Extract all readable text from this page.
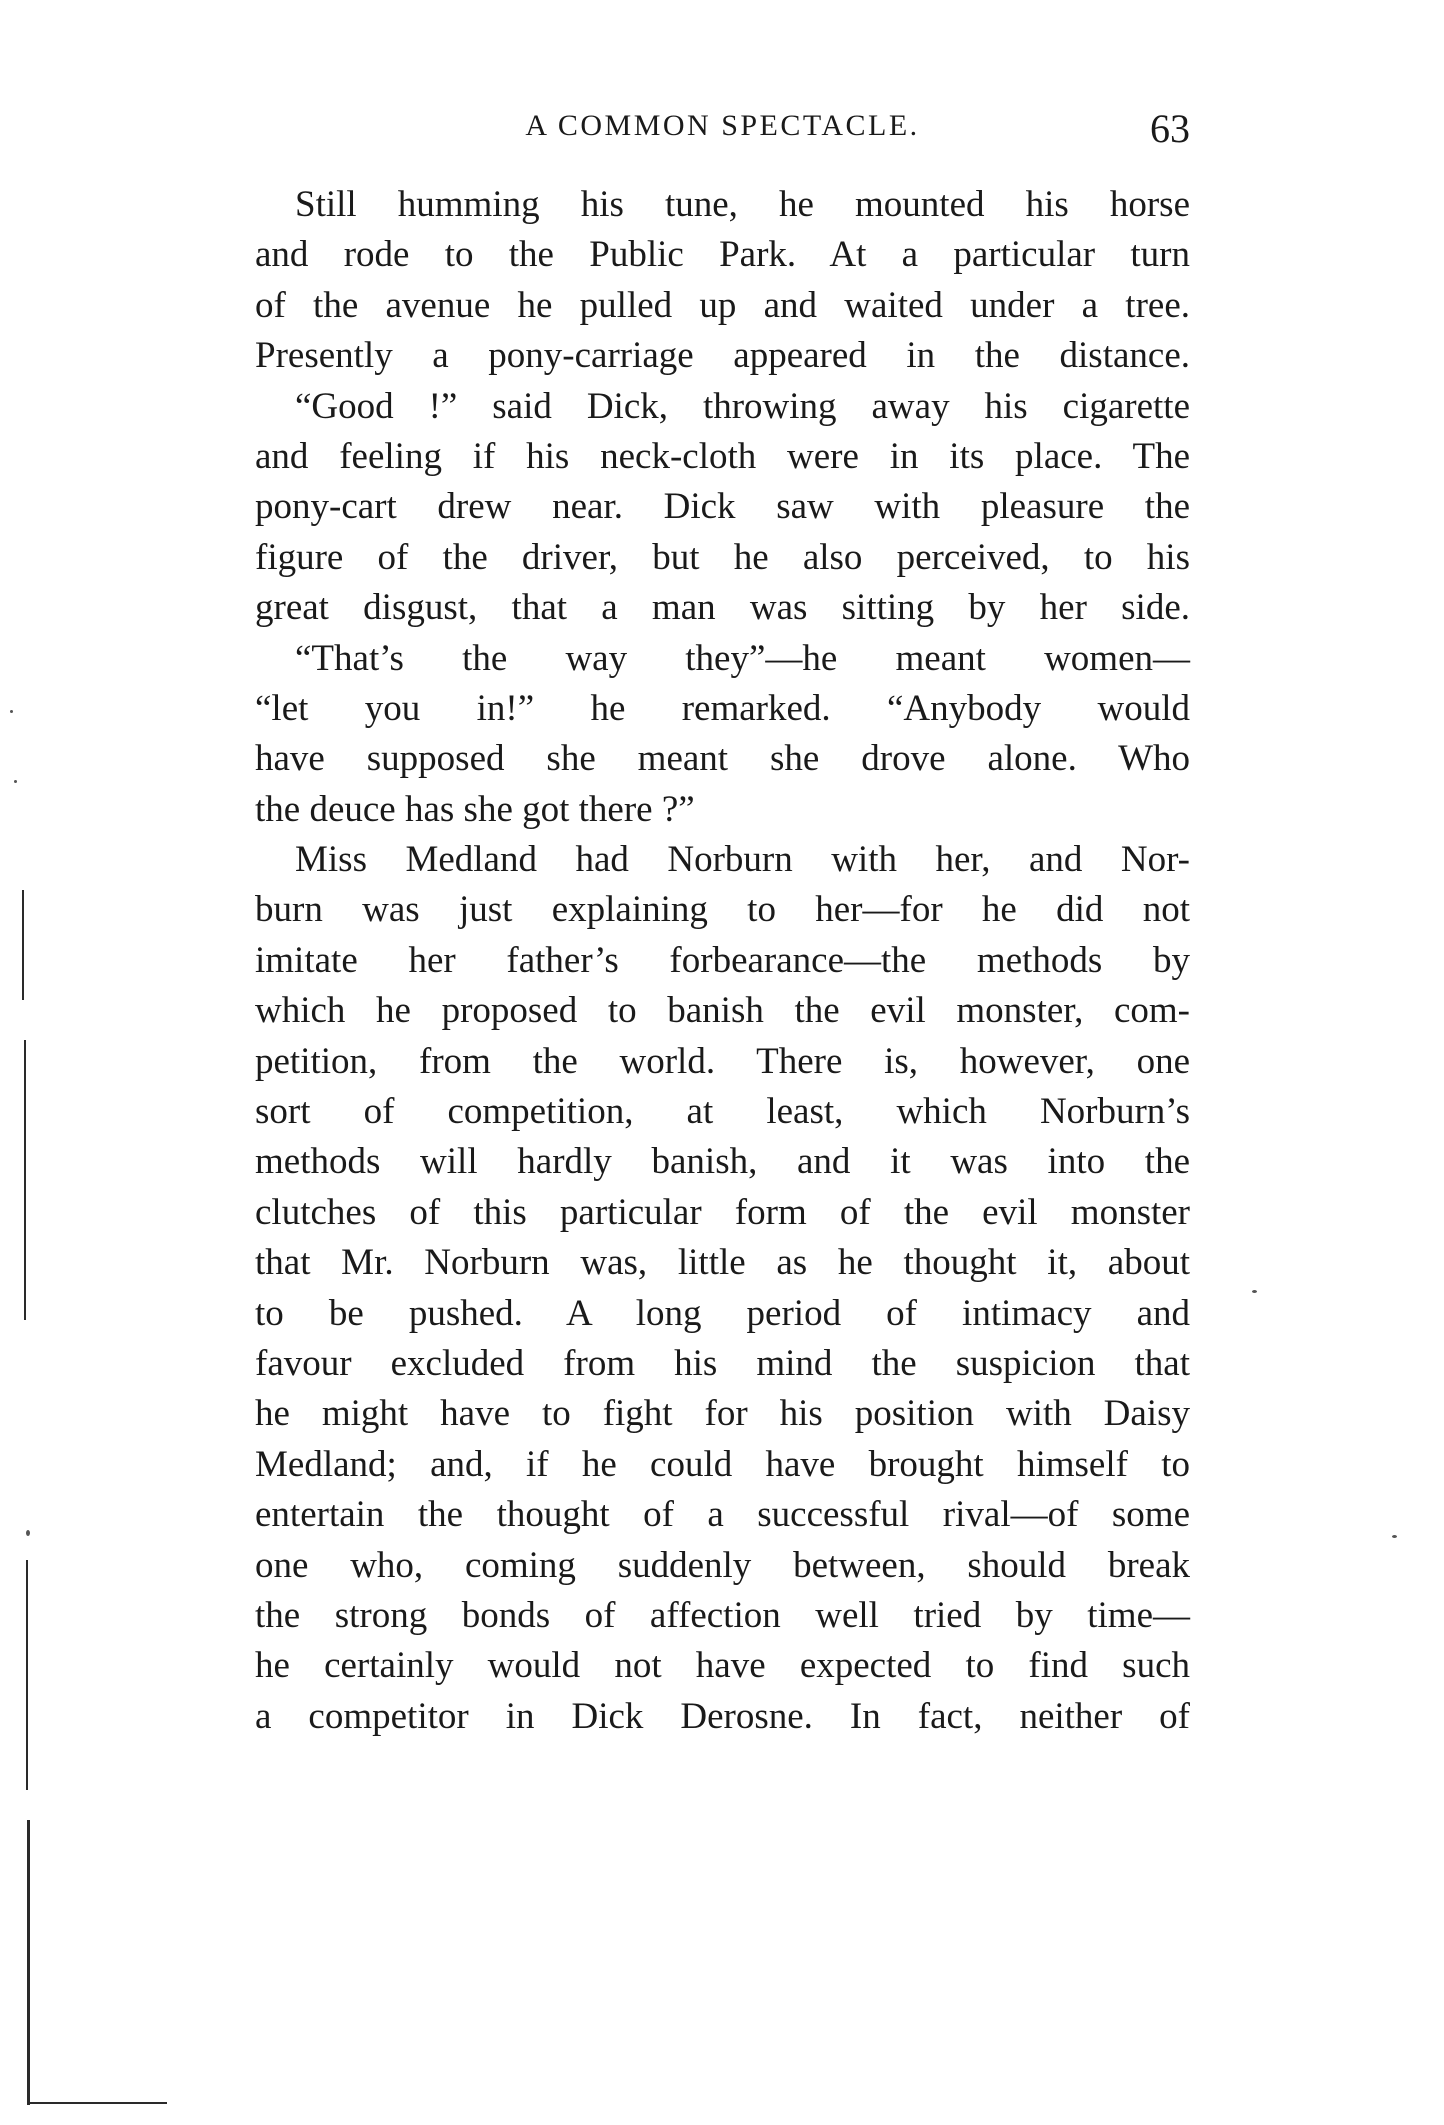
A COMMON SPECTACLE.	63
Still humming his tune, he mounted his horse
and rode to the Public Park. At a particular turn
of the avenue he pulled up and waited under a tree.
Presently a pony-carriage appeared in the distance.
“Good !” said Dick, throwing away his cigarette
and feeling if his neck-cloth were in its place. The
pony-cart drew near. Dick saw with pleasure the
figure of the driver, but he also perceived, to his
great disgust, that a man was sitting by her side.
“That’s the way they”—he meant women—
“let you in!” he remarked. “Anybody would
have supposed she meant she drove alone. Who
the deuce has she got there ?”
Miss Medland had Norburn with her, and Nor-
burn was just explaining to her—for he did not
imitate her father’s forbearance—the methods by
which he proposed to banish the evil monster, com-
petition, from the world. There is, however, one
sort of competition, at least, which Norburn’s
methods will hardly banish, and it was into the
clutches of this particular form of the evil monster
that Mr. Norburn was, little as he thought it, about
to be pushed. A long period of intimacy and
favour excluded from his mind the suspicion that
he might have to fight for his position with Daisy
Medland; and, if he could have brought himself to
entertain the thought of a successful rival—of some
one who, coming suddenly between, should break
the strong bonds of affection well tried by time—
he certainly would not have expected to find such
a competitor in Dick Derosne. In fact, neither of
